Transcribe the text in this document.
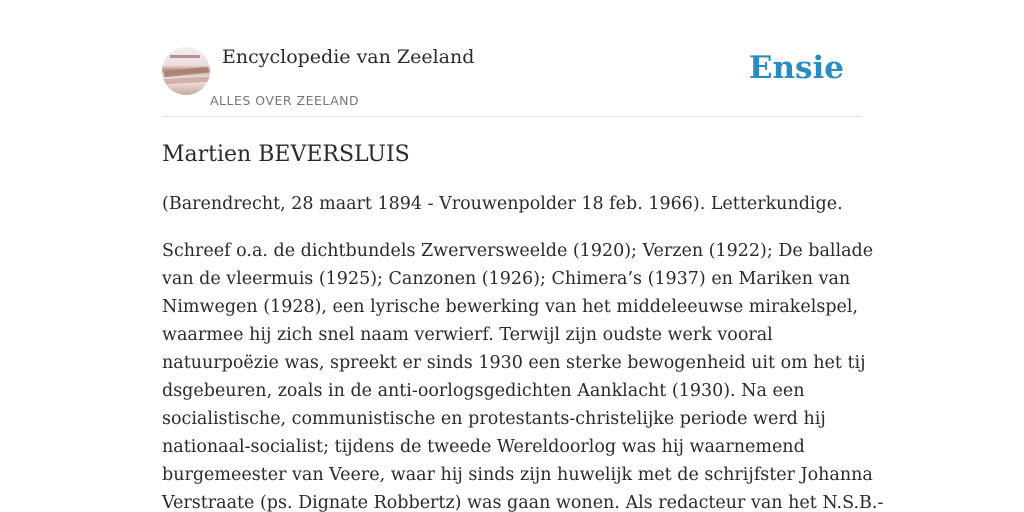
Encyclopedie van Zeeland
ALLES OVER ZEELAND
Ensie
Martien BEVERSLUIS

(Barendrecht, 28 maart 1894 - Vrouwenpolder 18 feb. 1966). Letterkundige.

Schreef o.a. de dichtbundels Zwerversweelde (1920); Verzen (1922); De ballade
van de vleermuis (1925); Canzonen (1926); Chimera’s (1937) en Mariken van
Nimwegen (1928), een lyrische bewerking van het middeleeuwse mirakelspel,
waarmee hij zich snel naam verwierf. Terwijl zijn oudste werk vooral
natuurpoëzie was, spreekt er sinds 1930 een sterke bewogenheid uit om het tij
dsgebeuren, zoals in de anti-oorlogsgedichten Aanklacht (1930). Na een
socialistische, communistische en protestants-christelijke periode werd hij
nationaal-socialist; tijdens de tweede Wereldoorlog was hij waarnemend
burgemeester van Veere, waar hij sinds zijn huwelijk met de schrijfster Johanna
Verstraate (ps. Dignate Robbertz) was gaan wonen. Als redacteur van het N.S.B.-
